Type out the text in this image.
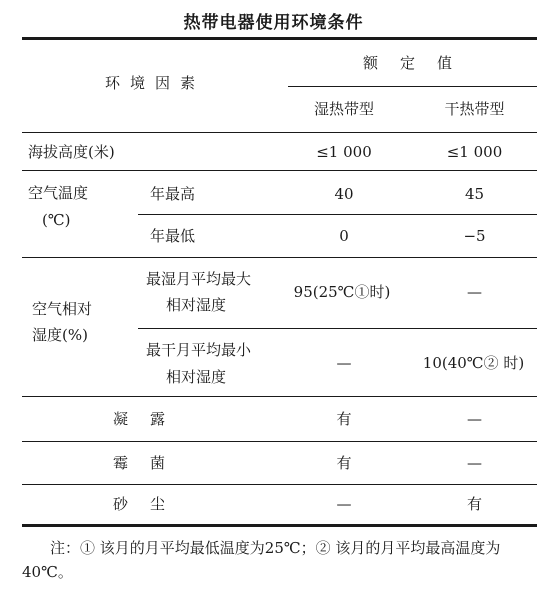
热带电器使用环境条件
环境因素
额定值
湿热带型	干热带型
海拔高度(米)	≤1 000	≤1 000
空气温度
(℃)
年最高	40	45
年最低	0	−5
空气相对
湿度(%)
最湿月平均最大
相对湿度
95(25℃①时)	—
最干月平均最小
相对湿度
—	10(40℃② 时)
凝露	有	—
霉菌	有	—
砂尘	—	有
注：① 该月的月平均最低温度为25℃；② 该月的月平均最高温度为40℃。
